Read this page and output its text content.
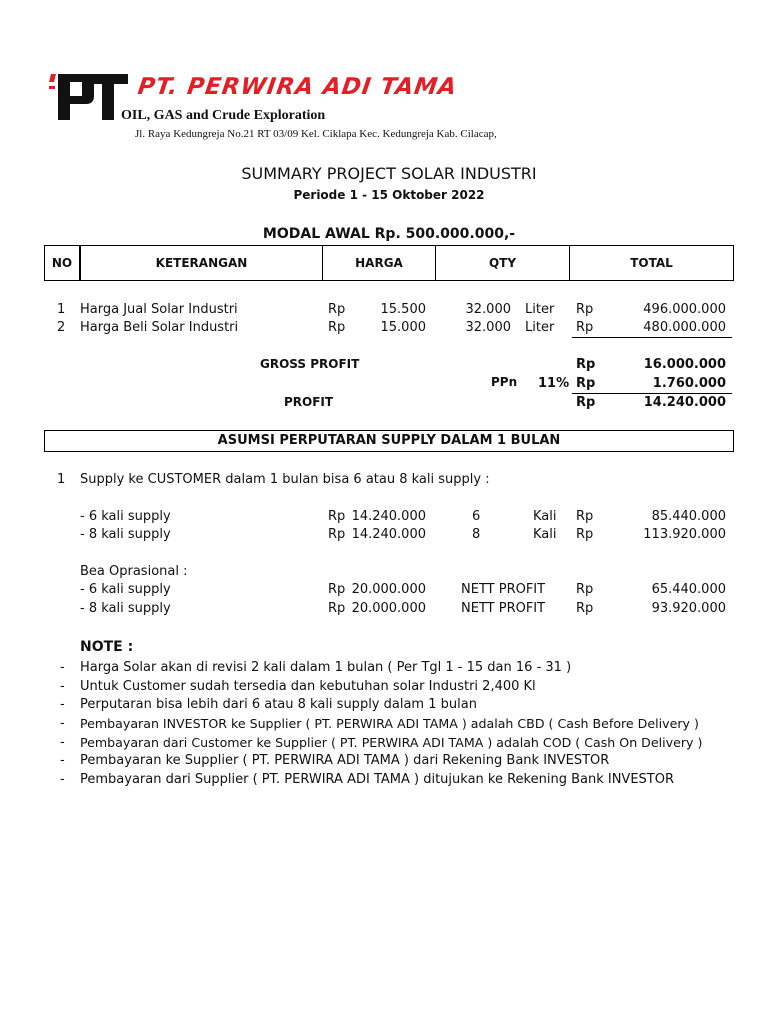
PT. PERWIRA ADI TAMA
OIL, GAS and Crude Exploration
Jl. Raya Kedungreja No.21 RT 03/09 Kel. Ciklapa Kec. Kedungreja Kab. Cilacap,
SUMMARY PROJECT SOLAR INDUSTRI
Periode 1 - 15 Oktober 2022
MODAL AWAL Rp. 500.000.000,-
NO	KETERANGAN	HARGA	QTY	TOTAL
1 Harga Jual Solar Industri	Rp	15.500	32.000 Liter Rp	496.000.000
2 Harga Beli Solar Industri	Rp	15.000	32.000 Liter Rp	480.000.000
GROSS PROFIT	Rp	16.000.000
PPn 11% Rp	1.760.000
PROFIT	Rp	14.240.000
ASUMSI PERPUTARAN SUPPLY DALAM 1 BULAN
1 Supply ke CUSTOMER dalam 1 bulan bisa 6 atau 8 kali supply :
- 6 kali supply	Rp 14.240.000	6	Kali Rp	85.440.000
- 8 kali supply	Rp 14.240.000	8	Kali Rp	113.920.000
Bea Oprasional :
- 6 kali supply	Rp 20.000.000	NETT PROFIT Rp	65.440.000
- 8 kali supply	Rp 20.000.000	NETT PROFIT Rp	93.920.000
NOTE :
- Harga Solar akan di revisi 2 kali dalam 1 bulan ( Per Tgl 1 - 15 dan 16 - 31 )
- Untuk Customer sudah tersedia dan kebutuhan solar Industri 2,400 Kl
- Perputaran bisa lebih dari 6 atau 8 kali supply dalam 1 bulan
- Pembayaran INVESTOR ke Supplier ( PT. PERWIRA ADI TAMA ) adalah CBD ( Cash Before Delivery )
- Pembayaran dari Customer ke Supplier ( PT. PERWIRA ADI TAMA ) adalah COD ( Cash On Delivery )
- Pembayaran ke Supplier ( PT. PERWIRA ADI TAMA ) dari Rekening Bank INVESTOR
- Pembayaran dari Supplier ( PT. PERWIRA ADI TAMA ) ditujukan ke Rekening Bank INVESTOR
